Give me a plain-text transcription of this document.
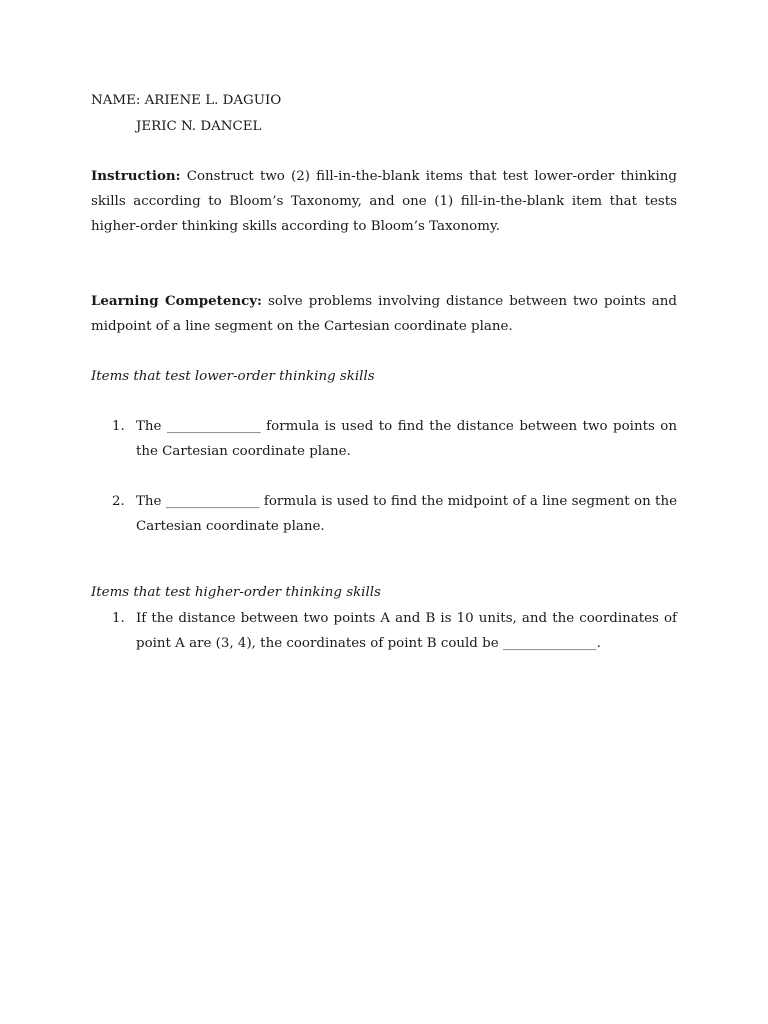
NAME: ARIENE L. DAGUIO
JERIC N. DANCEL

Instruction: Construct two (2) fill-in-the-blank items that test lower-order thinking skills according to Bloom’s Taxonomy, and one (1) fill-in-the-blank item that tests higher-order thinking skills according to Bloom’s Taxonomy.

Learning Competency: solve problems involving distance between two points and midpoint of a line segment on the Cartesian coordinate plane.

Items that test lower-order thinking skills
1. The ______________ formula is used to find the distance between two points on the Cartesian coordinate plane.
2. The ______________ formula is used to find the midpoint of a line segment on the Cartesian coordinate plane.
Items that test higher-order thinking skills
1. If the distance between two points A and B is 10 units, and the coordinates of point A are (3, 4), the coordinates of point B could be ______________.
